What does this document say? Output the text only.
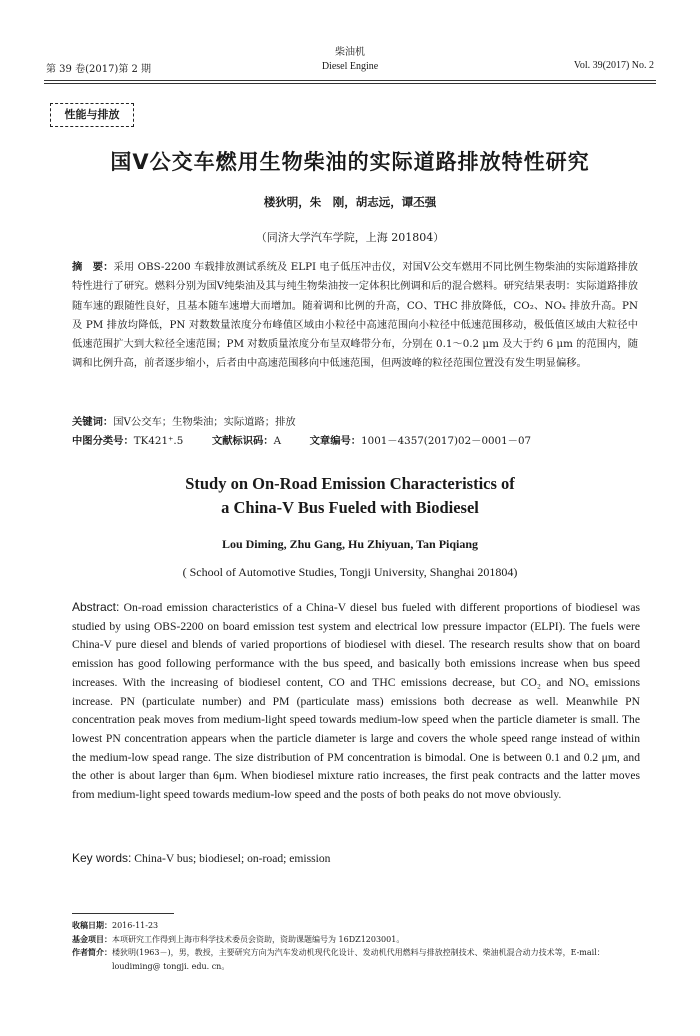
第 39 卷(2017)第 2 期
柴油机
Diesel Engine	Vol. 39(2017) No. 2
性能与排放
国Ⅴ公交车燃用生物柴油的实际道路排放特性研究
楼狄明，朱　刚，胡志远，谭丕强
（同济大学汽车学院，上海 201804）
摘　要：采用 OBS-2200 车载排放测试系统及 ELPI 电子低压冲击仪，对国Ⅴ公交车燃用不同比例生物柴油的实际道路排放特性进行了研究。燃料分别为国Ⅴ纯柴油及其与纯生物柴油按一定体积比例调和后的混合燃料。研究结果表明：实际道路排放随车速的跟随性良好，且基本随车速增大而增加。随着调和比例的升高，CO、THC 排放降低，CO₂、NOₓ 排放升高。PN 及 PM 排放均降低，PN 对数数量浓度分布峰值区域由小粒径中高速范围向小粒径中低速范围移动，极低值区域由大粒径中低速范围扩大到大粒径全速范围；PM 对数质量浓度分布呈双峰带分布，分别在 0.1～0.2 μm 及大于约 6 μm 的范围内，随调和比例升高，前者逐步缩小，后者由中高速范围移向中低速范围，但两波峰的粒径范围位置没有发生明显偏移。
关键词：国Ⅴ公交车；生物柴油；实际道路；排放
中图分类号：TK421⁺.5	文献标识码：A	文章编号：1001－4357(2017)02－0001－07
Study on On-Road Emission Characteristics of
a China-V Bus Fueled with Biodiesel
Lou Diming, Zhu Gang, Hu Zhiyuan, Tan Piqiang
( School of Automotive Studies, Tongji University, Shanghai 201804)
Abstract: On-road emission characteristics of a China-V diesel bus fueled with different proportions of biodiesel was studied by using OBS-2200 on board emission test system and electrical low pressure impactor (ELPI). The fuels were China-V pure diesel and blends of varied proportions of biodiesel with diesel. The research results show that on board emission has good following performance with the bus speed, and basically both emissions increase when bus speed increases. With the increasing of biodiesel content, CO and THC emissions decrease, but CO₂ and NOₓ emissions increase. PN (particulate number) and PM (particulate mass) emissions both decrease as well. Meanwhile PN concentration peak moves from medium-light speed towards medium-low speed when the particle diameter is small. The lowest PN concentration appears when the particle diameter is large and covers the whole speed range instead of within the medium-low spead range. The size distribution of PM concentration is bimodal. One is between 0.1 and 0.2 μm, and the other is about larger than 6μm. When biodiesel mixture ratio increases, the first peak contracts and the latter moves from medium-light speed towards medium-low speed and the posts of both peaks do not move obviously.
Key words: China-V bus; biodiesel; on-road; emission
收稿日期： 2016-11-23
基金项目： 本项研究工作得到上海市科学技术委员会资助，资助课题编号为 16DZ1203001。
作者简介： 楼狄明(1963－)，男，教授，主要研究方向为汽车发动机现代化设计、发动机代用燃料与排放控制技术、柴油机混合动力技术等，E-mail：loudiming@ tongji. edu. cn。
